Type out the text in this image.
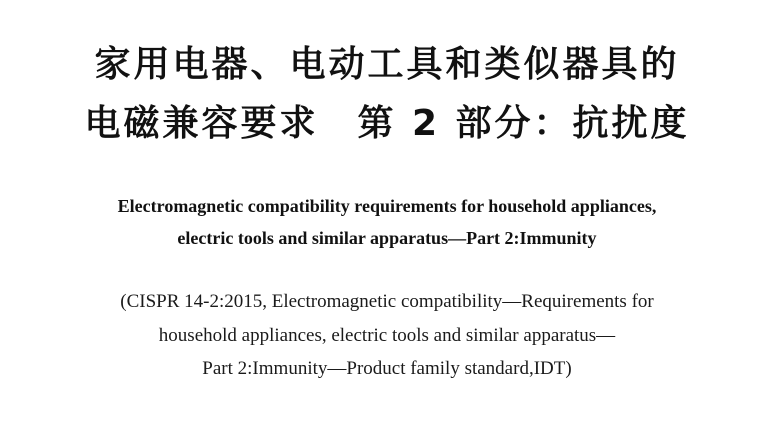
家用电器、电动工具和类似器具的
电磁兼容要求　第 2 部分：抗扰度
Electromagnetic compatibility requirements for household appliances,
electric tools and similar apparatus—Part 2:Immunity
(CISPR 14-2:2015, Electromagnetic compatibility—Requirements for
household appliances, electric tools and similar apparatus—
Part 2:Immunity—Product family standard,IDT)
